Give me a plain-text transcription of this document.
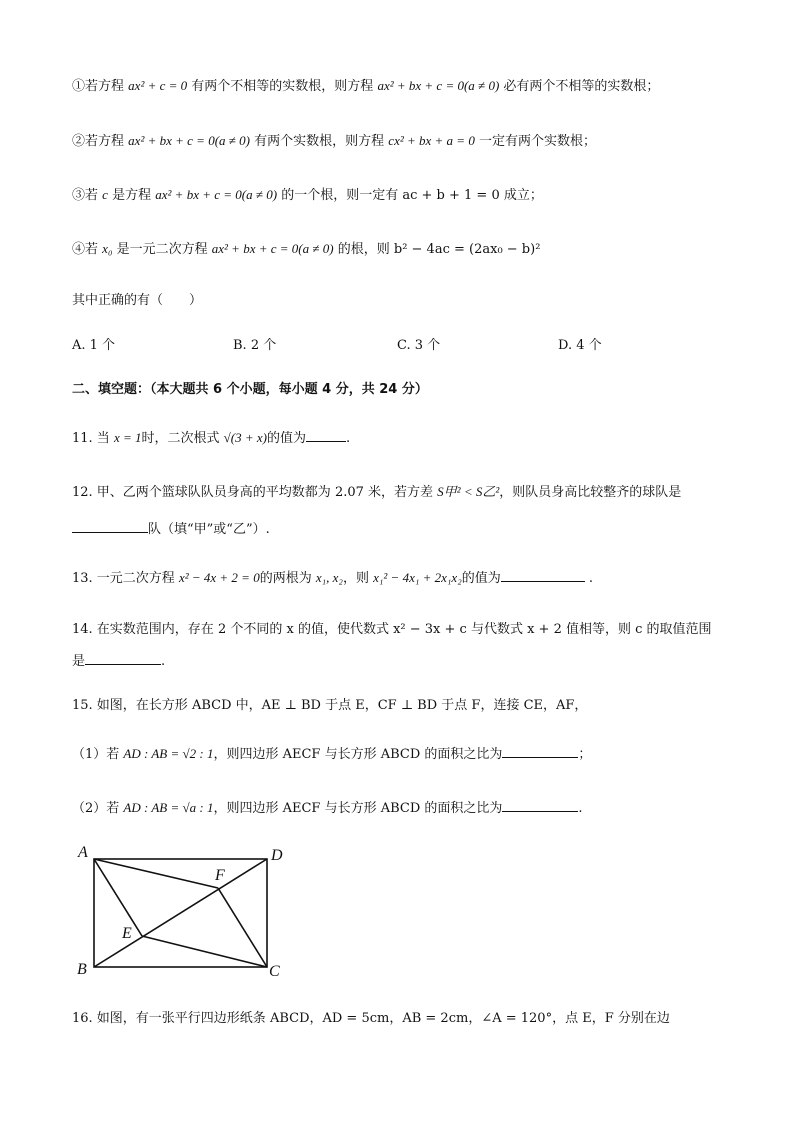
①若方程 ax² + c = 0 有两个不相等的实数根，则方程 ax² + bx + c = 0(a ≠ 0) 必有两个不相等的实数根；
②若方程 ax² + bx + c = 0(a ≠ 0) 有两个实数根，则方程 cx² + bx + a = 0 一定有两个实数根；
③若 c 是方程 ax² + bx + c = 0(a ≠ 0) 的一个根，则一定有 ac + b + 1 = 0 成立；
④若 x₀ 是一元二次方程 ax² + bx + c = 0(a ≠ 0) 的根，则 b² − 4ac = (2ax₀ − b)²
其中正确的有（　　）
A. 1 个	B. 2 个	C. 3 个	D. 4 个
二、填空题：（本大题共 6 个小题，每小题 4 分，共 24 分）
11. 当 x = 1时，二次根式 √(3 + x)的值为	.
12. 甲、乙两个篮球队队员身高的平均数都为 2.07 米，若方差 S甲² < S乙²，则队员身高比较整齐的球队是
队（填“甲”或“乙”）.
13. 一元二次方程 x² − 4x + 2 = 0的两根为 x₁, x₂，则 x₁² − 4x₁ + 2x₁x₂的值为	.
14. 在实数范围内，存在 2 个不同的 x 的值，使代数式 x² − 3x + c 与代数式 x + 2 值相等，则 c 的取值范围
是	.
15. 如图，在长方形 ABCD 中，AE ⊥ BD 于点 E，CF ⊥ BD 于点 F，连接 CE，AF，
（1）若 AD : AB = √2 : 1，则四边形 AECF 与长方形 ABCD 的面积之比为	；
（2）若 AD : AB = √a : 1，则四边形 AECF 与长方形 ABCD 的面积之比为	.
A	D
B	C
F
E
16. 如图，有一张平行四边形纸条 ABCD，AD = 5cm，AB = 2cm，∠A = 120°，点 E，F 分别在边
